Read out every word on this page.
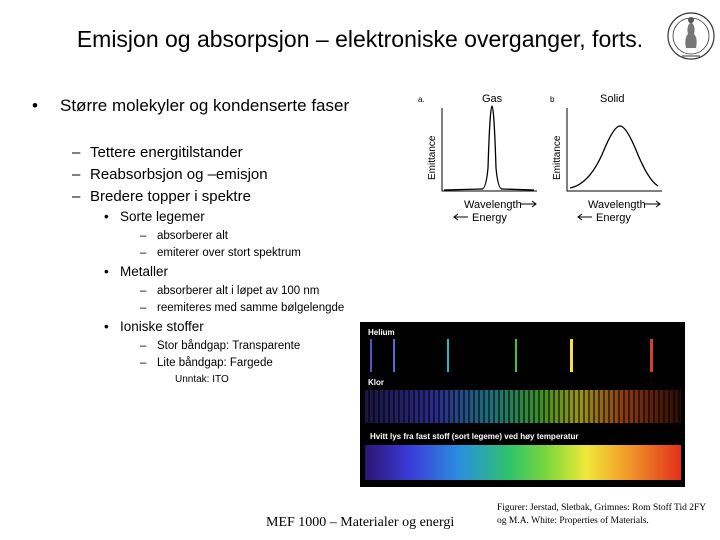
Emisjon og absorpsjon – elektroniske overganger, forts.
• Større molekyler og kondenserte faser
– Tettere energitilstander
– Reabsorbsjon og –emisjon
– Bredere topper i spektre
• Sorte legemer
– absorberer alt
– emiterer over stort spektrum
• Metaller
– absorberer alt i løpet av 100 nm
– reemiteres med samme bølgelengde
• Ioniske stoffer
– Stor båndgap: Transparente
– Lite båndgap: Fargede
Unntak: ITO
a.	Gas	b	Solid
Emittance	Emittance
Wavelength
Energy
Wavelength
Energy
Helium
Klor
Hvitt lys fra fast stoff (sort legeme) ved høy temperatur
MEF 1000 – Materialer og energi
Figurer: Jerstad, Sletbak, Grimnes: Rom Stoff Tid 2FY og M.A. White: Properties of Materials.
